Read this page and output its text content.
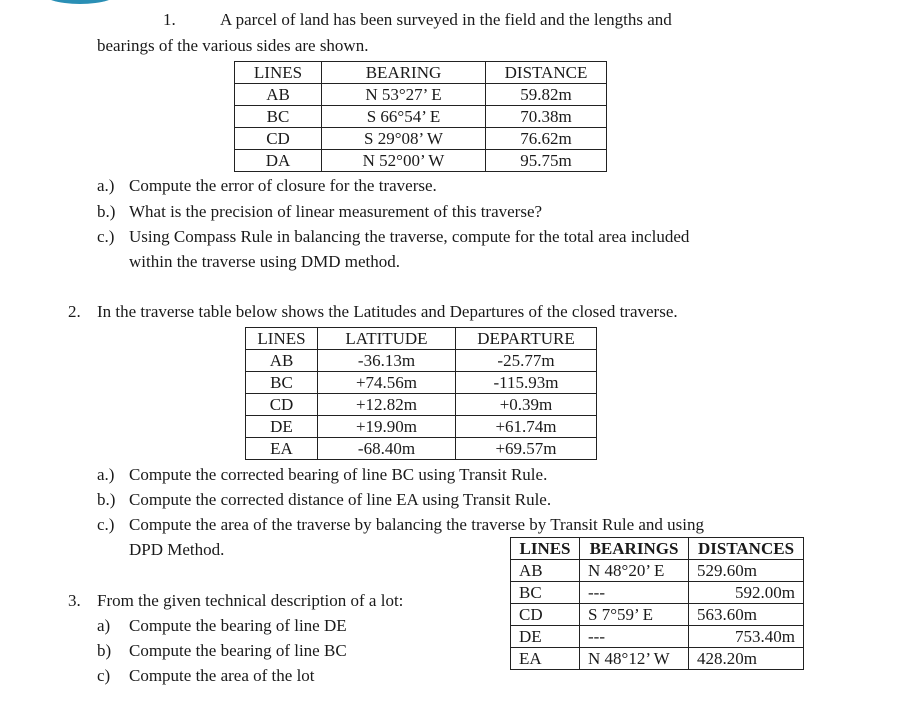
1.	A parcel of land has been surveyed in the field and the lengths and
bearings of the various sides are shown.
LINES	BEARING	DISTANCE
AB	N 53°27’ E	59.82m
BC	S 66°54’ E	70.38m
CD	S 29°08’ W	76.62m
DA	N 52°00’ W	95.75m
a.) Compute the error of closure for the traverse.
b.) What is the precision of linear measurement of this traverse?
c.) Using Compass Rule in balancing the traverse, compute for the total area included
within the traverse using DMD method.
2. In the traverse table below shows the Latitudes and Departures of the closed traverse.
LINES	LATITUDE	DEPARTURE
AB	-36.13m	-25.77m
BC	+74.56m	-115.93m
CD	+12.82m	+0.39m
DE	+19.90m	+61.74m
EA	-68.40m	+69.57m
a.) Compute the corrected bearing of line BC using Transit Rule.
b.) Compute the corrected distance of line EA using Transit Rule.
c.) Compute the area of the traverse by balancing the traverse by Transit Rule and using
DPD Method.
3. From the given technical description of a lot:
a) Compute the bearing of line DE
b) Compute the bearing of line BC
c) Compute the area of the lot
LINES	BEARINGS	DISTANCES
AB	N 48°20’ E	529.60m
BC	---	592.00m
CD	S 7°59’ E	563.60m
DE	---	753.40m
EA	N 48°12’ W	428.20m
